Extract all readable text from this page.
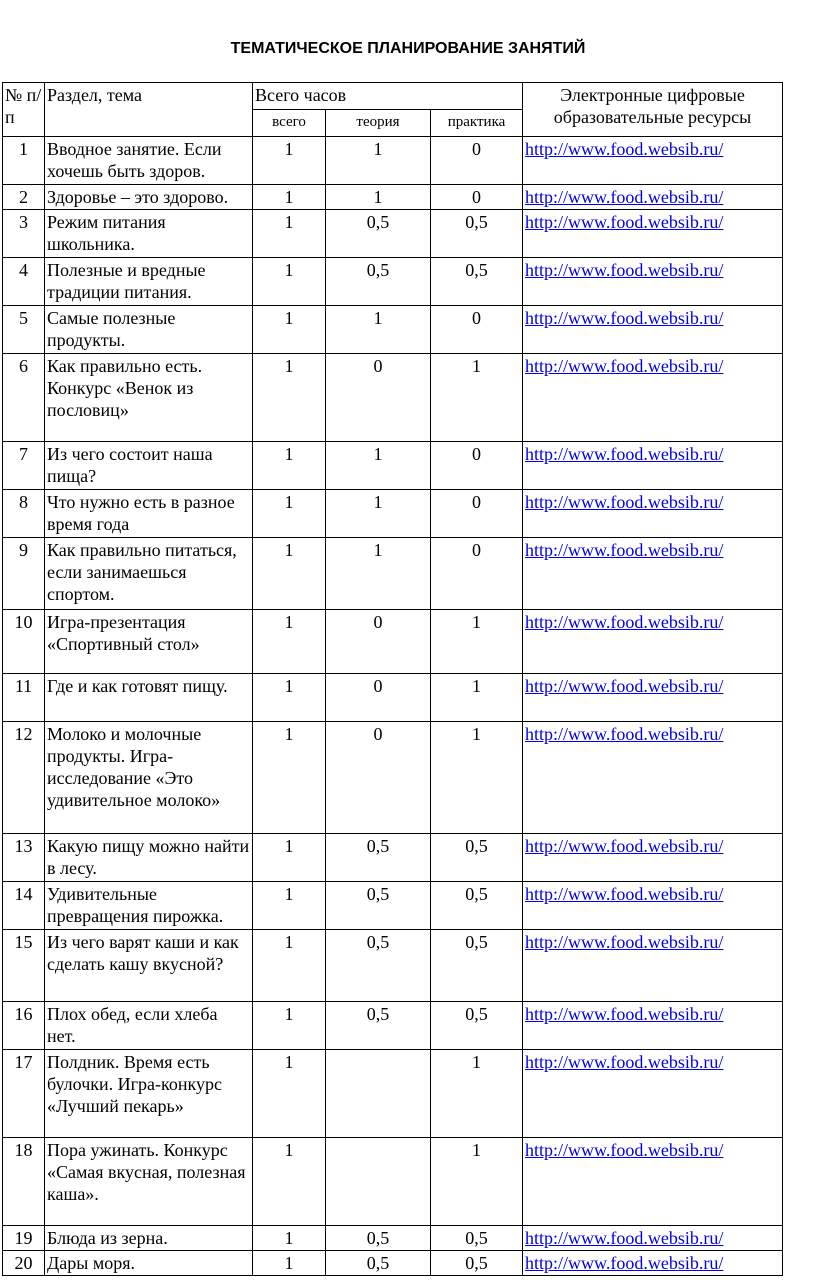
ТЕМАТИЧЕСКОЕ ПЛАНИРОВАНИЕ ЗАНЯТИЙ
№ п/ п	Раздел, тема	Всего часов			Электронные цифровые образовательные ресурсы
		всего	теория	практика	
1	Вводное занятие. Если хочешь быть здоров.	1	1	0	http://www.food.websib.ru/
2	Здоровье – это здорово.	1	1	0	http://www.food.websib.ru/
3	Режим питания школьника.	1	0,5	0,5	http://www.food.websib.ru/
4	Полезные и вредные традиции питания.	1	0,5	0,5	http://www.food.websib.ru/
5	Самые полезные продукты.	1	1	0	http://www.food.websib.ru/
6	Как правильно есть. Конкурс «Венок из пословиц»	1	0	1	http://www.food.websib.ru/
7	Из чего состоит наша пища?	1	1	0	http://www.food.websib.ru/
8	Что нужно есть в разное время года	1	1	0	http://www.food.websib.ru/
9	Как правильно питаться, если занимаешься спортом.	1	1	0	http://www.food.websib.ru/
10	Игра-презентация «Спортивный стол»	1	0	1	http://www.food.websib.ru/
11	Где и как готовят пищу.	1	0	1	http://www.food.websib.ru/
12	Молоко и молочные продукты. Игра-исследование «Это удивительное молоко»	1	0	1	http://www.food.websib.ru/
13	Какую пищу можно найти в лесу.	1	0,5	0,5	http://www.food.websib.ru/
14	Удивительные превращения пирожка.	1	0,5	0,5	http://www.food.websib.ru/
15	Из чего варят каши и как сделать кашу вкусной?	1	0,5	0,5	http://www.food.websib.ru/
16	Плох обед, если хлеба нет.	1	0,5	0,5	http://www.food.websib.ru/
17	Полдник. Время есть булочки. Игра-конкурс «Лучший пекарь»	1		1	http://www.food.websib.ru/
18	Пора ужинать. Конкурс «Самая вкусная, полезная каша».	1		1	http://www.food.websib.ru/
19	Блюда из зерна.	1	0,5	0,5	http://www.food.websib.ru/
20	Дары моря.	1	0,5	0,5	http://www.food.websib.ru/
